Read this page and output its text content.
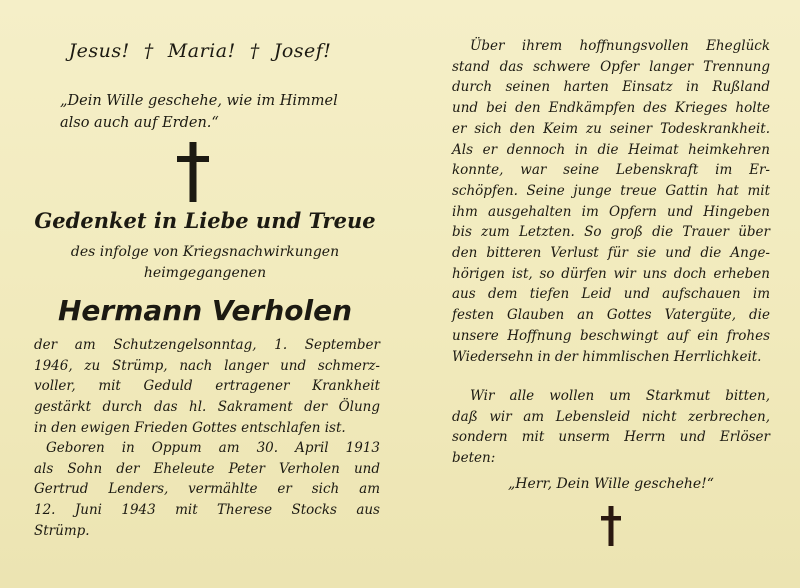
Jesus! † Maria! † Josef!
„Dein Wille geschehe, wie im Himmel
also auch auf Erden.“
Gedenket in Liebe und Treue
des infolge von Kriegsnachwirkungen
heimgegangenen
Hermann Verholen
der am Schutzengelsonntag, 1. September
1946, zu Strümp, nach langer und schmerz-
voller, mit Geduld ertragener Krankheit
gestärkt durch das hl. Sakrament der Ölung
in den ewigen Frieden Gottes entschlafen ist.
Geboren in Oppum am 30. April 1913
als Sohn der Eheleute Peter Verholen und
Gertrud Lenders, vermählte er sich am
12. Juni 1943 mit Therese Stocks aus
Strümp.
Über ihrem hoffnungsvollen Eheglück
stand das schwere Opfer langer Trennung
durch seinen harten Einsatz in Rußland
und bei den Endkämpfen des Krieges holte
er sich den Keim zu seiner Todeskrankheit.
Als er dennoch in die Heimat heimkehren
konnte, war seine Lebenskraft im Er-
schöpfen. Seine junge treue Gattin hat mit
ihm ausgehalten im Opfern und Hingeben
bis zum Letzten. So groß die Trauer über
den bitteren Verlust für sie und die Ange-
hörigen ist, so dürfen wir uns doch erheben
aus dem tiefen Leid und aufschauen im
festen Glauben an Gottes Vatergüte, die
unsere Hoffnung beschwingt auf ein frohes
Wiedersehn in der himmlischen Herrlichkeit.
Wir alle wollen um Starkmut bitten,
daß wir am Lebensleid nicht zerbrechen,
sondern mit unserm Herrn und Erlöser
beten:
„Herr, Dein Wille geschehe!“
